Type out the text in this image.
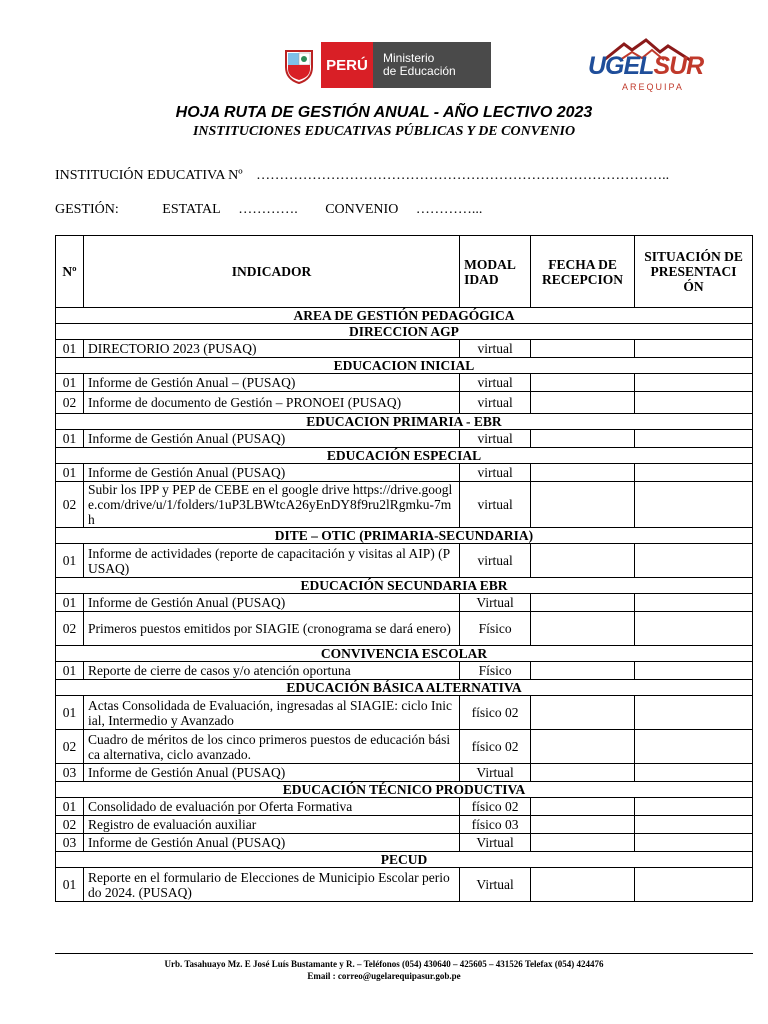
PERÚ	Ministerio
de Educación	UGELSUR
AREQUIPA
HOJA RUTA DE GESTIÓN ANUAL - AÑO LECTIVO 2023
INSTITUCIONES EDUCATIVAS PÚBLICAS Y DE CONVENIO
INSTITUCIÓN EDUCATIVA Nº ……………………………………………………………………………..
GESTIÓN:	ESTATAL …………. CONVENIO …………...
Nº	INDICADOR	MODAL IDAD	FECHA DE RECEPCION	SITUACIÓN DE PRESENTACI ÓN
AREA DE GESTIÓN PEDAGÓGICA				
DIRECCION AGP				
01	DIRECTORIO 2023 (PUSAQ)	virtual		
EDUCACION INICIAL				
01	Informe de Gestión Anual – (PUSAQ)	virtual		
02	Informe de documento de Gestión – PRONOEI (PUSAQ)	virtual		
EDUCACION PRIMARIA - EBR				
01	Informe de Gestión Anual (PUSAQ)	virtual		
EDUCACIÓN ESPECIAL				
01	Informe de Gestión Anual (PUSAQ)	virtual		
02	Subir los IPP y PEP de CEBE en el google drive https://drive.google.com/drive/u/1/folders/1uP3LBWtcA26yEnDY8f9ru2lRgmku-7mh	virtual		
DITE – OTIC (PRIMARIA-SECUNDARIA)				
01	Informe de actividades (reporte de capacitación y visitas al AIP) (PUSAQ)	virtual		
EDUCACIÓN SECUNDARIA EBR				
01	Informe de Gestión Anual (PUSAQ)	Virtual		
02	Primeros puestos emitidos por SIAGIE (cronograma se dará enero)	Físico		
CONVIVENCIA ESCOLAR				
01	Reporte de cierre de casos y/o atención oportuna	Físico		
EDUCACIÓN BÁSICA ALTERNATIVA				
01	Actas Consolidada de Evaluación, ingresadas al SIAGIE: ciclo Inicial, Intermedio y Avanzado	físico 02		
02	Cuadro de méritos de los cinco primeros puestos de educación básica alternativa, ciclo avanzado.	físico 02		
03	Informe de Gestión Anual (PUSAQ)	Virtual		
EDUCACIÓN TÉCNICO PRODUCTIVA				
01	Consolidado de evaluación por Oferta Formativa	físico 02		
02	Registro de evaluación auxiliar	físico 03		
03	Informe de Gestión Anual (PUSAQ)	Virtual		
PECUD				
01	Reporte en el formulario de Elecciones de Municipio Escolar periodo 2024. (PUSAQ)	Virtual		
Urb. Tasahuayo Mz. E José Luís Bustamante y R. – Teléfonos (054) 430640 – 425605 – 431526 Telefax (054) 424476
Email : correo@ugelarequipasur.gob.pe
